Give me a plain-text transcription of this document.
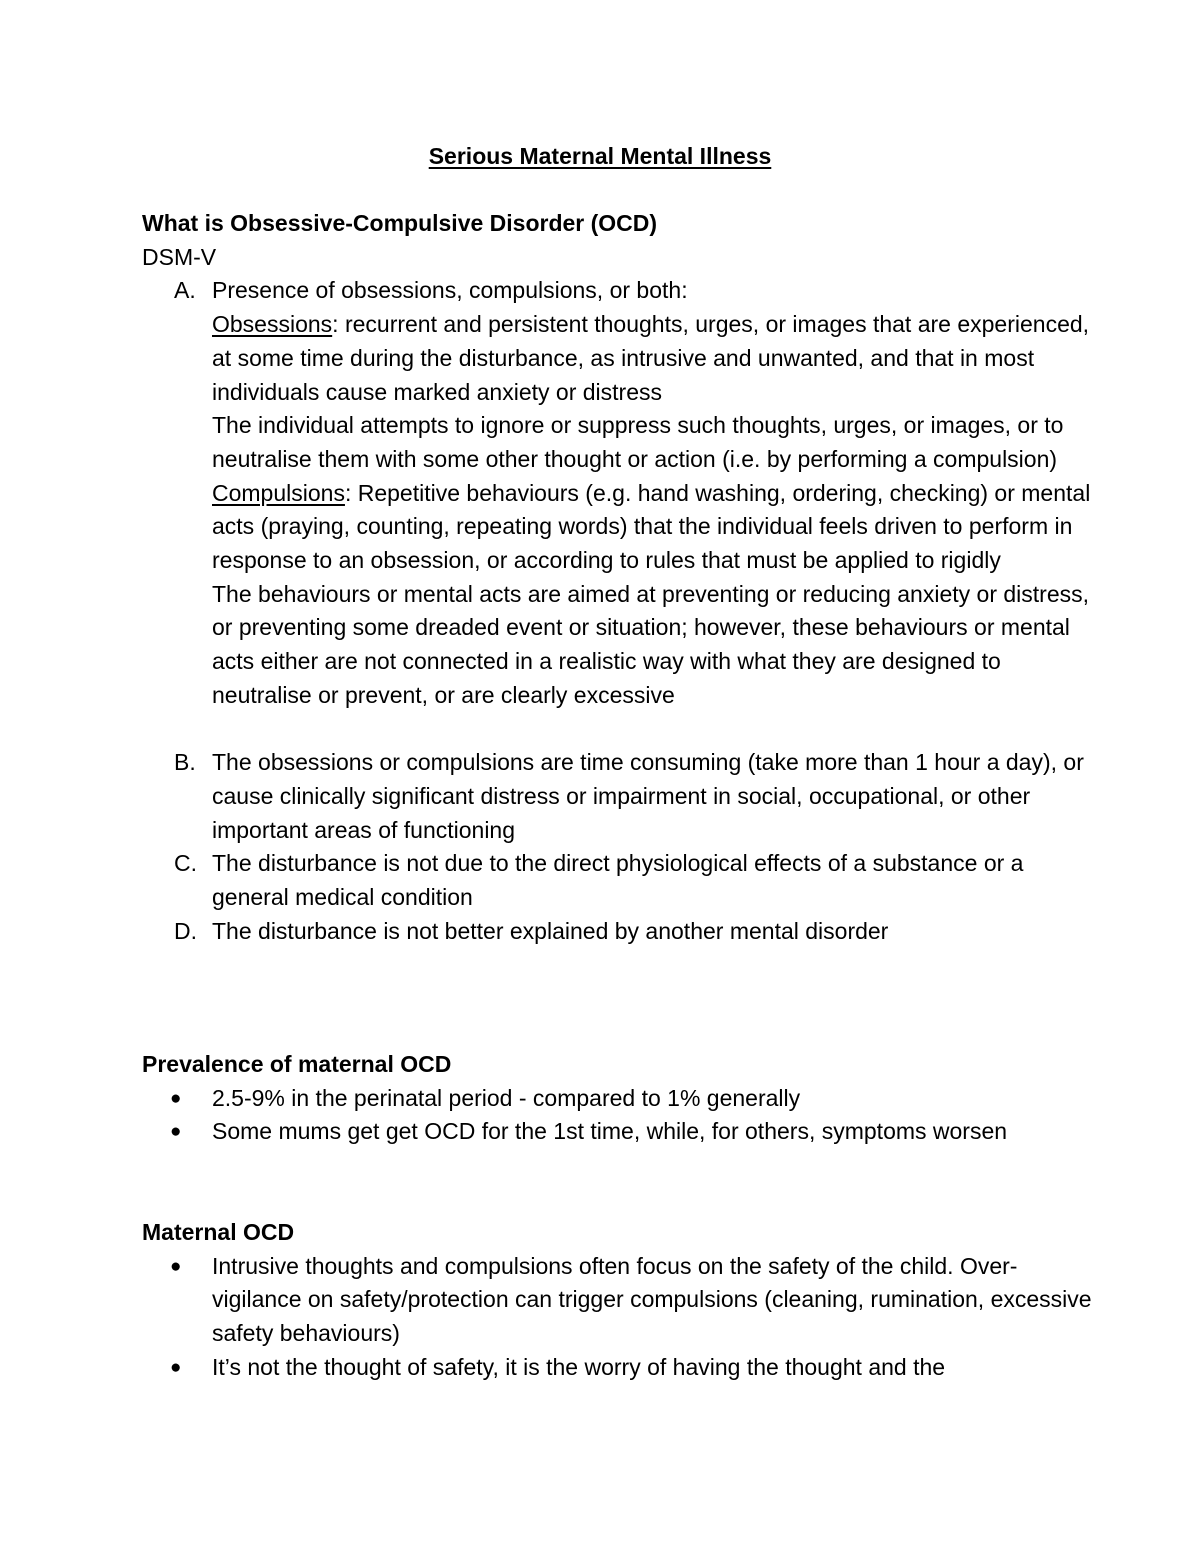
Serious Maternal Mental Illness
What is Obsessive-Compulsive Disorder (OCD)
DSM-V
A. Presence of obsessions, compulsions, or both:
Obsessions: recurrent and persistent thoughts, urges, or images that are experienced, at some time during the disturbance, as intrusive and unwanted, and that in most individuals cause marked anxiety or distress
The individual attempts to ignore or suppress such thoughts, urges, or images, or to neutralise them with some other thought or action (i.e. by performing a compulsion)
Compulsions: Repetitive behaviours (e.g. hand washing, ordering, checking) or mental acts (praying, counting, repeating words) that the individual feels driven to perform in response to an obsession, or according to rules that must be applied to rigidly
The behaviours or mental acts are aimed at preventing or reducing anxiety or distress, or preventing some dreaded event or situation; however, these behaviours or mental acts either are not connected in a realistic way with what they are designed to neutralise or prevent, or are clearly excessive
B. The obsessions or compulsions are time consuming (take more than 1 hour a day), or cause clinically significant distress or impairment in social, occupational, or other important areas of functioning
C. The disturbance is not due to the direct physiological effects of a substance or a general medical condition
D. The disturbance is not better explained by another mental disorder
Prevalence of maternal OCD
● 2.5-9% in the perinatal period - compared to 1% generally
● Some mums get get OCD for the 1st time, while, for others, symptoms worsen
Maternal OCD
● Intrusive thoughts and compulsions often focus on the safety of the child. Over-vigilance on safety/protection can trigger compulsions (cleaning, rumination, excessive safety behaviours)
● It’s not the thought of safety, it is the worry of having the thought and the
